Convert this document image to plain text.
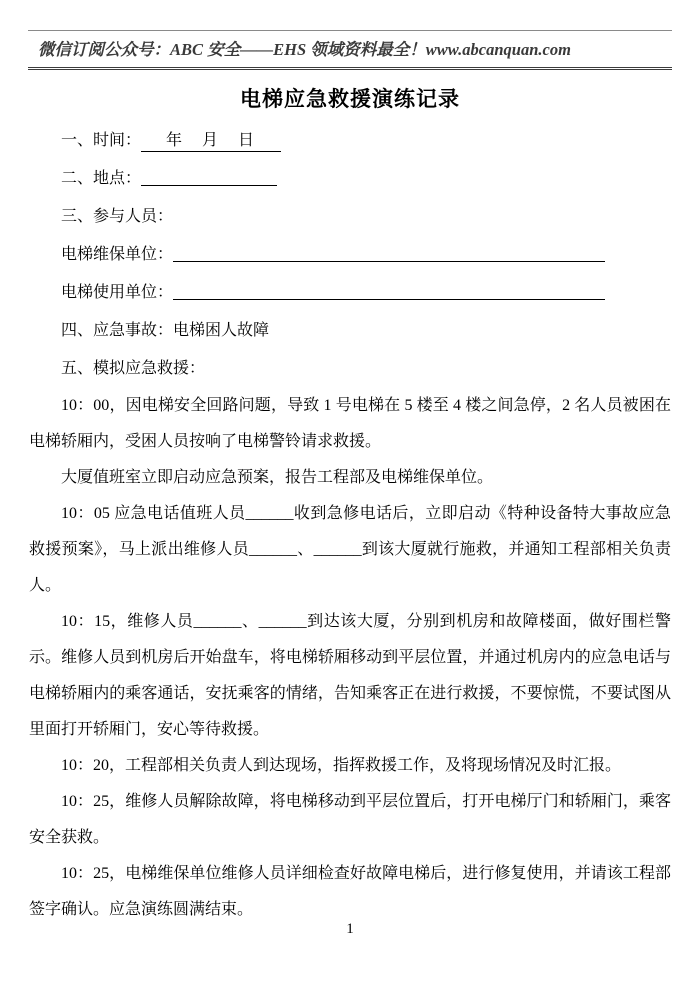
微信订阅公众号：ABC 安全——EHS 领域资料最全！www.abcanquan.com
电梯应急救援演练记录
一、时间： 年　月　日
二、地点：
三、参与人员：
电梯维保单位：
电梯使用单位：
四、应急事故：电梯困人故障
五、模拟应急救援：

10：00，因电梯安全回路问题，导致 1 号电梯在 5 楼至 4 楼之间急停，2 名人员被困在电梯轿厢内，受困人员按响了电梯警铃请求救援。

大厦值班室立即启动应急预案，报告工程部及电梯维保单位。

10：05 应急电话值班人员______收到急修电话后，立即启动《特种设备特大事故应急救援预案》，马上派出维修人员______、______到该大厦就行施救，并通知工程部相关负责人。

10：15，维修人员______、______到达该大厦，分别到机房和故障楼面，做好围栏警示。维修人员到机房后开始盘车，将电梯轿厢移动到平层位置，并通过机房内的应急电话与电梯轿厢内的乘客通话，安抚乘客的情绪，告知乘客正在进行救援，不要惊慌，不要试图从里面打开轿厢门，安心等待救援。

10：20，工程部相关负责人到达现场，指挥救援工作，及将现场情况及时汇报。

10：25，维修人员解除故障，将电梯移动到平层位置后，打开电梯厅门和轿厢门，乘客安全获救。

10：25，电梯维保单位维修人员详细检查好故障电梯后，进行修复使用，并请该工程部签字确认。应急演练圆满结束。

1
